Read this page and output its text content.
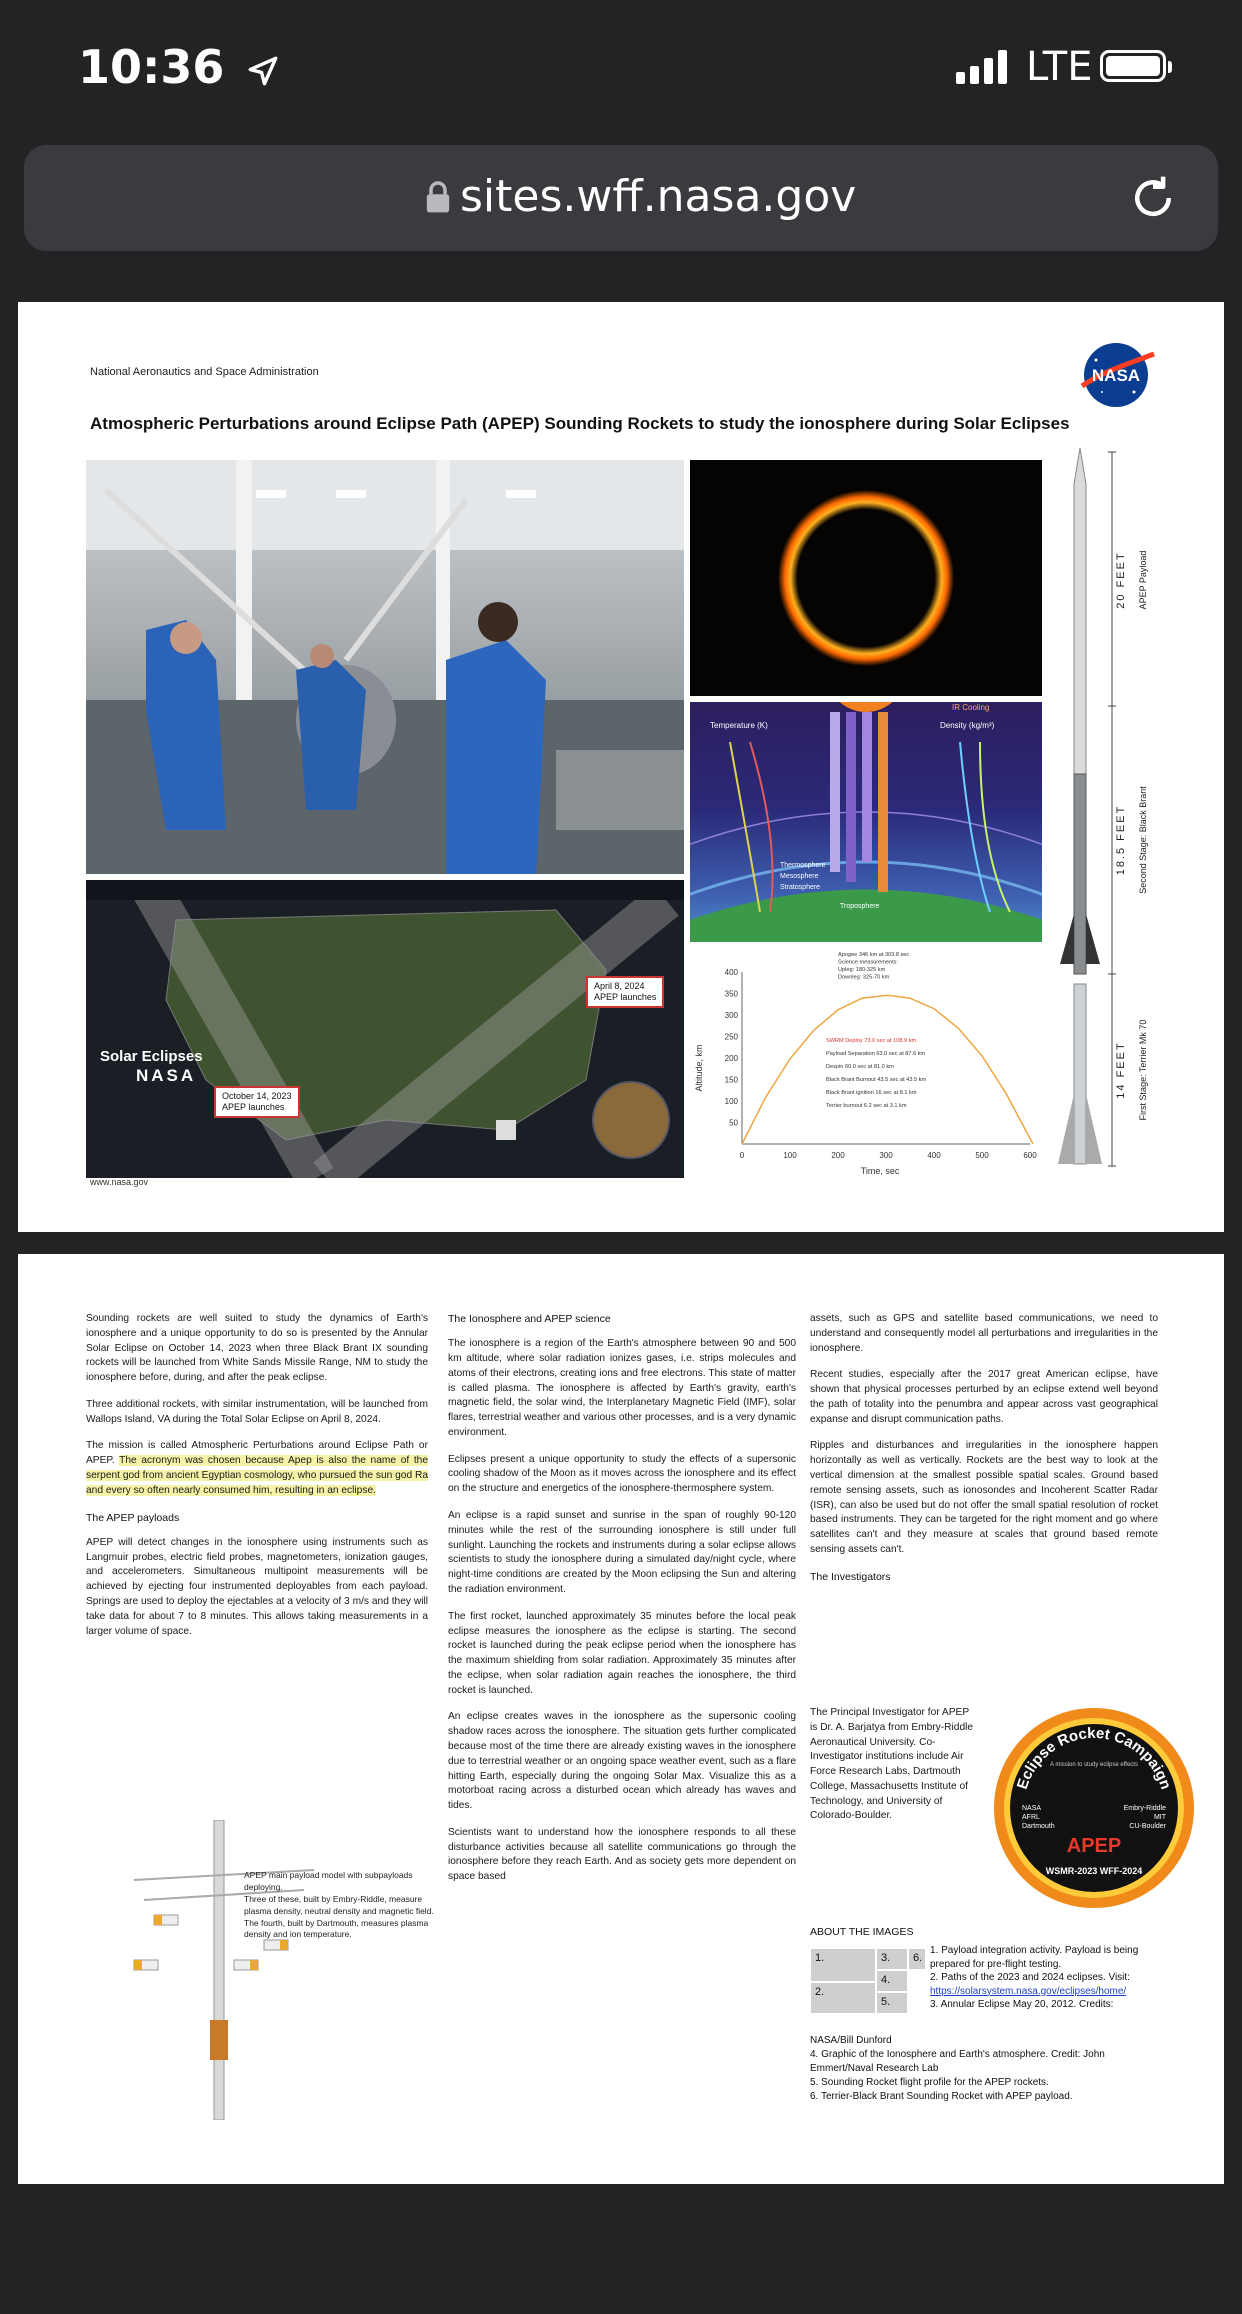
10:36	LTE
sites.wff.nasa.gov
National Aeronautics and Space Administration
Atmospheric Perturbations around Eclipse Path (APEP) Sounding Rockets to study the ionosphere during Solar Eclipses
NASA
Temperature (K)	Density (kg/m³)
IR Cooling
Thermosphere
Mesosphere
Stratosphere
Troposphere
Solar Eclipses
NASA
October 14, 2023
APEP launches
April 8, 2024
APEP launches
www.nasa.gov
50
100
150
200
250
300
350
400
0	100	200	300	400	500	600
Time, sec
Altitude, km
Apogee 346 km at 303.8 sec
Science measurements:
Upleg: 180-325 km
Downleg: 325-70 km
SWRM Deploy 73.0 sec at 108.9 km
Payload Separation 63.0 sec at 87.6 km
Despin 60.0 sec at 81.0 km
Black Brant Burnout 43.5 sec at 43.5 km
Black Brant ignition 16 sec at 8.1 km
Terrier burnout 6.2 sec at 3.1 km
20 FEET APEP Payload
18.5 FEET Second Stage: Black Brant
14 FEET First Stage: Terrier Mk 70

Sounding rockets are well suited to study the dynamics of Earth's ionosphere and a unique opportunity to do so is presented by the Annular Solar Eclipse on October 14, 2023 when three Black Brant IX sounding rockets will be launched from White Sands Missile Range, NM to study the ionosphere before, during, and after the peak eclipse.

Three additional rockets, with similar instrumentation, will be launched from Wallops Island, VA during the Total Solar Eclipse on April 8, 2024.

The mission is called Atmospheric Perturbations around Eclipse Path or APEP. The acronym was chosen because Apep is also the name of the serpent god from ancient Egyptian cosmology, who pursued the sun god Ra and every so often nearly consumed him, resulting in an eclipse.

The APEP payloads

APEP will detect changes in the ionosphere using instruments such as Langmuir probes, electric field probes, magnetometers, ionization gauges, and accelerometers. Simultaneous multipoint measurements will be achieved by ejecting four instrumented deployables from each payload. Springs are used to deploy the ejectables at a velocity of 3 m/s and they will take data for about 7 to 8 minutes. This allows taking measurements in a larger volume of space.

APEP main payload model with subpayloads deploying.
Three of these, built by Embry-Riddle, measure plasma density, neutral density and magnetic field. The fourth, built by Dartmouth, measures plasma density and ion temperature.
The Ionosphere and APEP science

The ionosphere is a region of the Earth's atmosphere between 90 and 500 km altitude, where solar radiation ionizes gases, i.e. strips molecules and atoms of their electrons, creating ions and free electrons. This state of matter is called plasma. The ionosphere is affected by Earth's gravity, earth's magnetic field, the solar wind, the Interplanetary Magnetic Field (IMF), solar flares, terrestrial weather and various other processes, and is a very dynamic environment.

Eclipses present a unique opportunity to study the effects of a supersonic cooling shadow of the Moon as it moves across the ionosphere and its effect on the structure and energetics of the ionosphere-thermosphere system.

An eclipse is a rapid sunset and sunrise in the span of roughly 90-120 minutes while the rest of the surrounding ionosphere is still under full sunlight. Launching the rockets and instruments during a solar eclipse allows scientists to study the ionosphere during a simulated day/night cycle, where night-time conditions are created by the Moon eclipsing the Sun and altering the radiation environment.

The first rocket, launched approximately 35 minutes before the local peak eclipse measures the ionosphere as the eclipse is starting. The second rocket is launched during the peak eclipse period when the ionosphere has the maximum shielding from solar radiation. Approximately 35 minutes after the eclipse, when solar radiation again reaches the ionosphere, the third rocket is launched.

An eclipse creates waves in the ionosphere as the supersonic cooling shadow races across the ionosphere. The situation gets further complicated because most of the time there are already existing waves in the ionosphere due to terrestrial weather or an ongoing space weather event, such as a flare hitting Earth, especially during the ongoing Solar Max. Visualize this as a motorboat racing across a disturbed ocean which already has waves and tides.

Scientists want to understand how the ionosphere responds to all these disturbance activities because all satellite communications go through the ionosphere before they reach Earth. And as society gets more dependent on space based

assets, such as GPS and satellite based communications, we need to understand and consequently model all perturbations and irregularities in the ionosphere.

Recent studies, especially after the 2017 great American eclipse, have shown that physical processes perturbed by an eclipse extend well beyond the path of totality into the penumbra and appear across vast geographical expanse and disrupt communication paths.

Ripples and disturbances and irregularities in the ionosphere happen horizontally as well as vertically. Rockets are the best way to look at the vertical dimension at the smallest possible spatial scales. Ground based remote sensing assets, such as ionosondes and Incoherent Scatter Radar (ISR), can also be used but do not offer the small spatial resolution of rocket based instruments. They can be targeted for the right moment and go where satellites can't and they measure at scales that ground based remote sensing assets can't.

The Investigators
The Principal Investigator for APEP is Dr. A. Barjatya from Embry-Riddle Aeronautical University. Co-Investigator institutions include Air Force Research Labs, Dartmouth College, Massachusetts Institute of Technology, and University of Colorado-Boulder.
Eclipse Rocket Campaign
A mission to study eclipse effects
NASA AFRL Dartmouth
Embry-Riddle MIT CU-Boulder
APEP
WSMR-2023 WFF-2024
ABOUT THE IMAGES
1.	3.	6.
4.
2.
5.
1. Payload integration activity. Payload is being prepared for pre-flight testing.
2. Paths of the 2023 and 2024 eclipses. Visit: https://solarsystem.nasa.gov/eclipses/home/
3. Annular Eclipse May 20, 2012. Credits:
NASA/Bill Dunford
4. Graphic of the Ionosphere and Earth's atmosphere. Credit: John Emmert/Naval Research Lab
5. Sounding Rocket flight profile for the APEP rockets.
6. Terrier-Black Brant Sounding Rocket with APEP payload.
